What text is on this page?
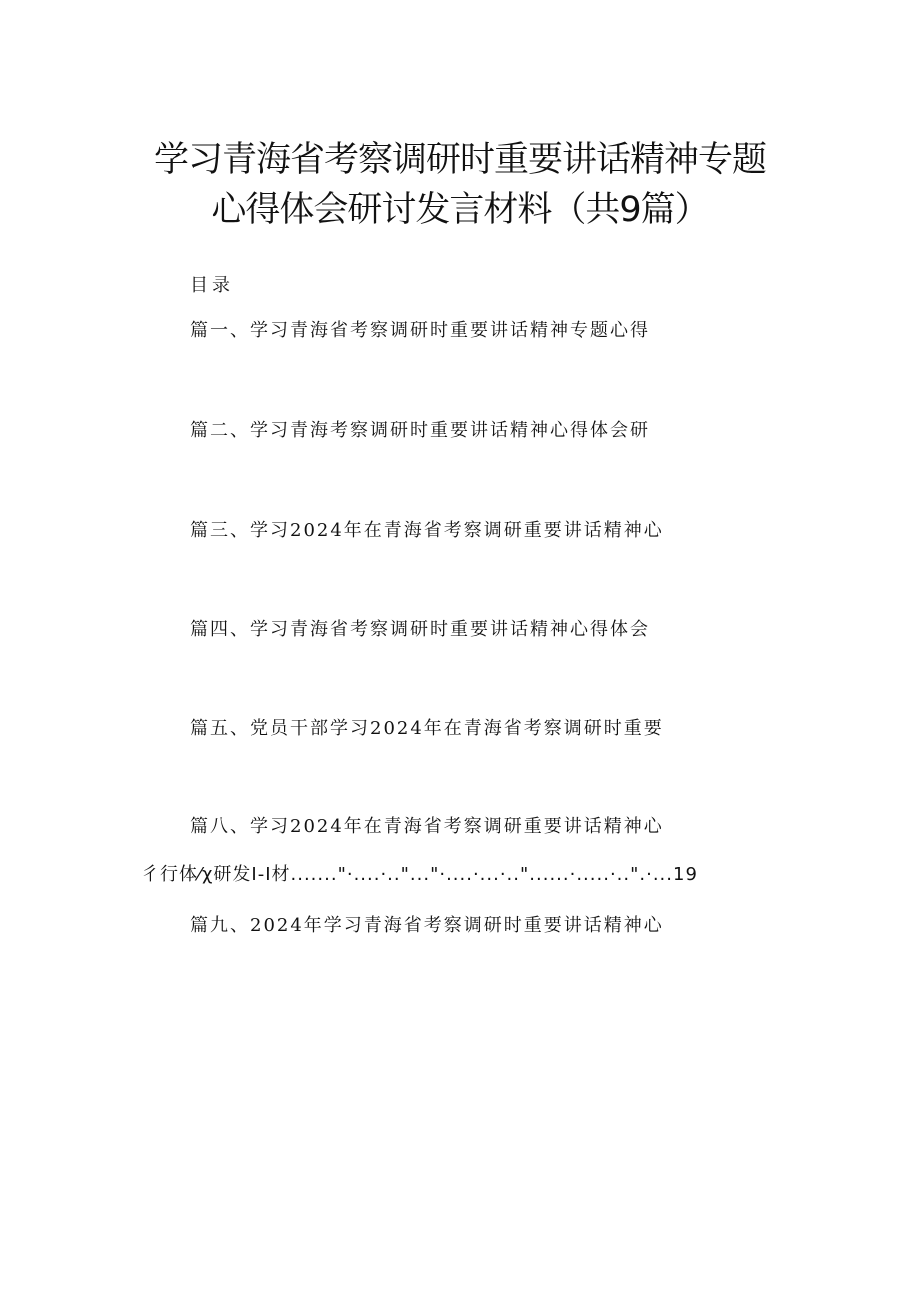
学习青海省考察调研时重要讲话精神专题
心得体会研讨发言材料（共9篇）
目录
篇一、学习青海省考察调研时重要讲话精神专题心得
篇二、学习青海考察调研时重要讲话精神心得体会研
篇三、学习2024年在青海省考察调研重要讲话精神心
篇四、学习青海省考察调研时重要讲话精神心得体会
篇五、党员干部学习2024年在青海省考察调研时重要
篇八、学习2024年在青海省考察调研重要讲话精神心
彳行体⁄χ研发I-I材......."·....·.."..."·....·...·.."......·.....·..".·...19
篇九、2024年学习青海省考察调研时重要讲话精神心
